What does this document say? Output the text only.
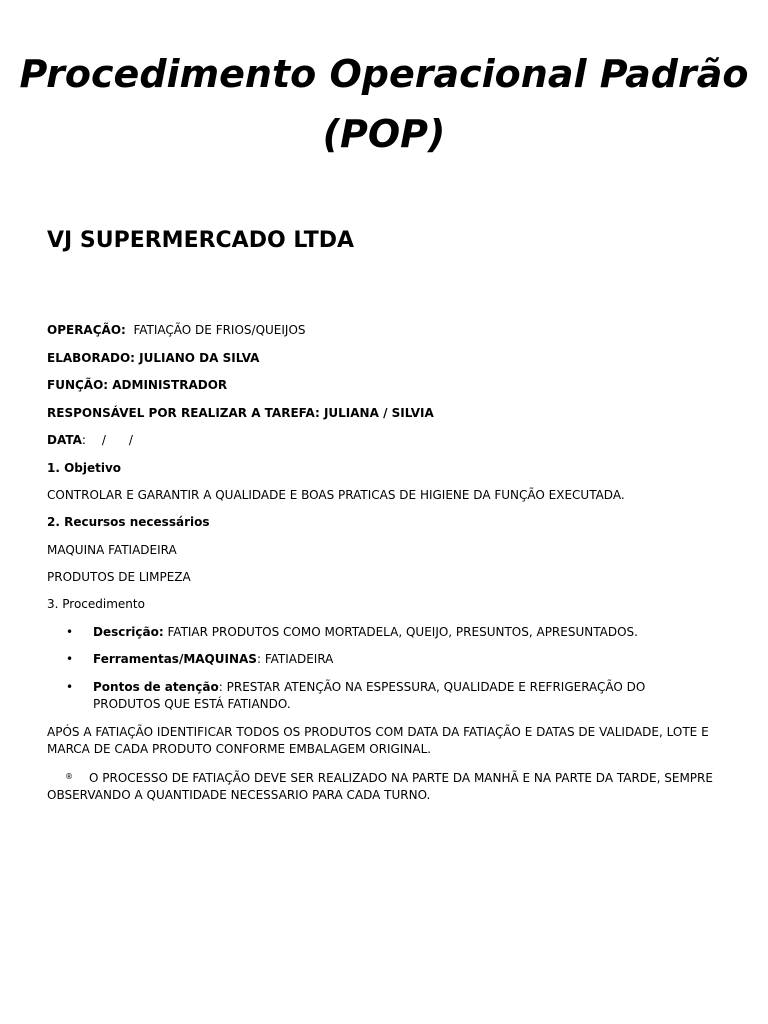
Procedimento Operacional Padrão (POP)
VJ SUPERMERCADO LTDA
OPERAÇÃO: FATIAÇÃO DE FRIOS/QUEIJOS
ELABORADO: JULIANO DA SILVA
FUNÇÃO: ADMINISTRADOR
RESPONSÁVEL POR REALIZAR A TAREFA: JULIANA / SILVIA
DATA: /      /
1. Objetivo
CONTROLAR E GARANTIR A QUALIDADE E BOAS PRATICAS DE HIGIENE DA FUNÇÃO EXECUTADA.
2. Recursos necessários
MAQUINA FATIADEIRA
PRODUTOS DE LIMPEZA
3. Procedimento
• Descrição: FATIAR PRODUTOS COMO MORTADELA, QUEIJO, PRESUNTOS, APRESUNTADOS.
• Ferramentas/MAQUINAS: FATIADEIRA
• Pontos de atenção: PRESTAR ATENÇÃO NA ESPESSURA, QUALIDADE E REFRIGERAÇÃO DO PRODUTOS QUE ESTÁ FATIANDO.
APÓS A FATIAÇÃO IDENTIFICAR TODOS OS PRODUTOS COM DATA DA FATIAÇÃO E DATAS DE VALIDADE, LOTE E MARCA DE CADA PRODUTO CONFORME EMBALAGEM ORIGINAL.
® O PROCESSO DE FATIAÇÃO DEVE SER REALIZADO NA PARTE DA MANHÃ E NA PARTE DA TARDE, SEMPRE OBSERVANDO A QUANTIDADE NECESSARIO PARA CADA TURNO.
